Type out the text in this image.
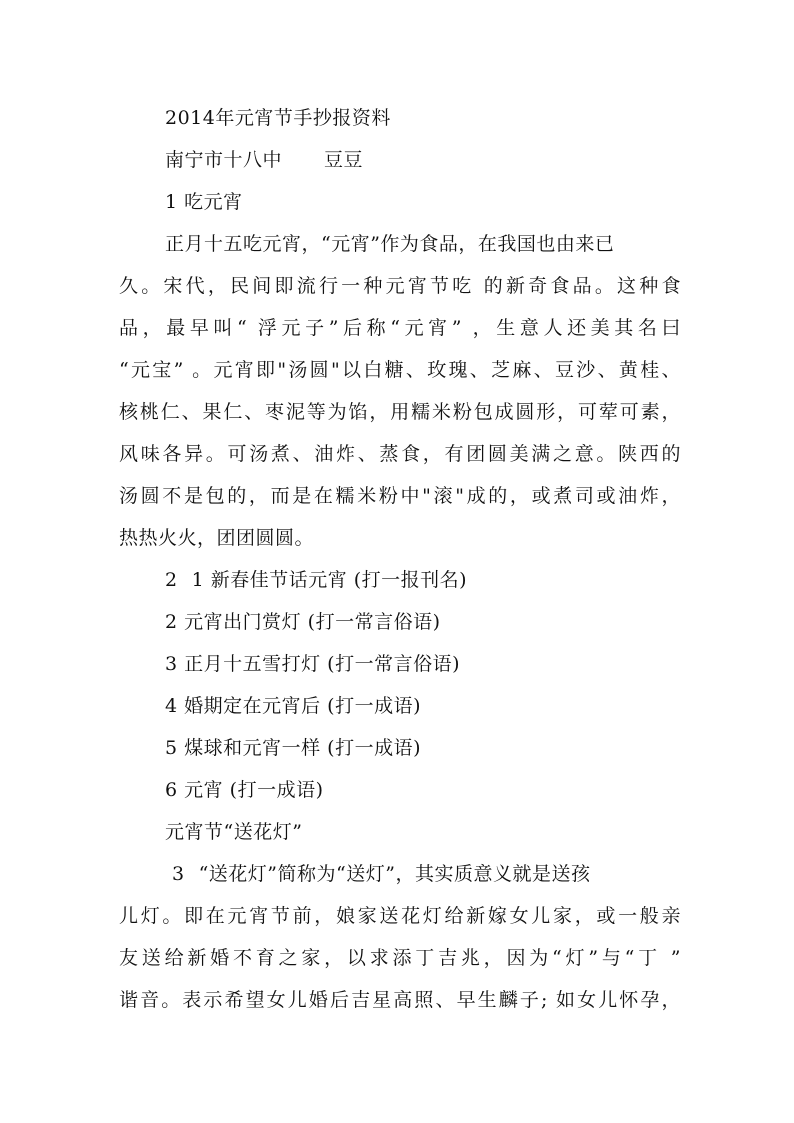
2014年元宵节手抄报资料
南宁市十八中 豆豆
1 吃元宵
正月十五吃元宵，“元宵”作为食品，在我国也由来已
久。宋代，民间即流行一种元宵节吃 的新奇食品。这种食
品，最早叫“ 浮元子”后称“元宵” ，生意人还美其名曰
“元宝” 。元宵即"汤圆"以白糖、玫瑰、芝麻、豆沙、黄桂、
核桃仁、果仁、枣泥等为馅，用糯米粉包成圆形，可荤可素，
风味各异。可汤煮、油炸、蒸食，有团圆美满之意。陕西的
汤圆不是包的，而是在糯米粉中"滚"成的，或煮司或油炸，
热热火火，团团圆圆。
2 1 新春佳节话元宵 (打一报刊名)
2 元宵出门赏灯 (打一常言俗语)
3 正月十五雪打灯 (打一常言俗语)
4 婚期定在元宵后 (打一成语)
5 煤球和元宵一样 (打一成语)
6 元宵 (打一成语)
元宵节“送花灯”
3 “送花灯”简称为“送灯”，其实质意义就是送孩
儿灯。即在元宵节前，娘家送花灯给新嫁女儿家，或一般亲
友送给新婚不育之家，以求添丁吉兆，因为“灯”与“丁 ”
谐音。表示希望女儿婚后吉星高照、早生麟子; 如女儿怀孕，
